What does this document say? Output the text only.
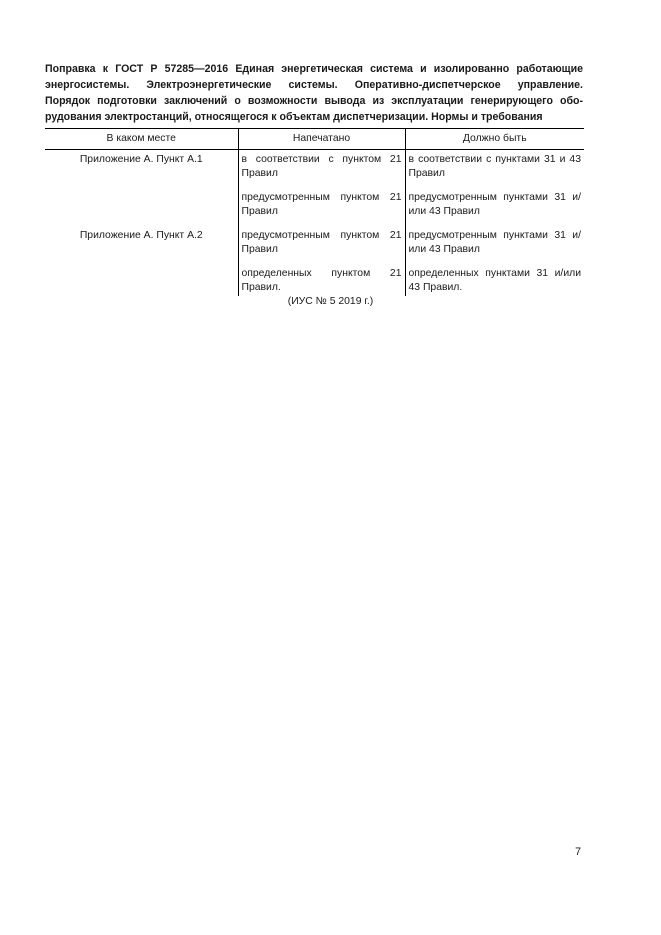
Поправка к ГОСТ Р 57285—2016 Единая энергетическая система и изолированно работающие
энергосистемы. Электроэнергетические системы. Оперативно-диспетчерское управление.
Порядок подготовки заключений о возможности вывода из эксплуатации генерирующего обо-
рудования электростанций, относящегося к объектам диспетчеризации. Нормы и требования
В каком месте	Напечатано	Должно быть
Приложение А. Пункт А.1	в соответствии с пунктом 21 Правил	в соответствии с пунктами 31 и 43 Правил
	предусмотренным пунктом 21 Правил	предусмотренным пунктами 31 и/или 43 Правил
Приложение А. Пункт А.2	предусмотренным пунктом 21 Правил	предусмотренным пунктами 31 и/или 43 Правил
	определенных пунктом 21 Правил.	определенных пунктами 31 и/или 43 Правил.
(ИУС № 5 2019 г.)
7
